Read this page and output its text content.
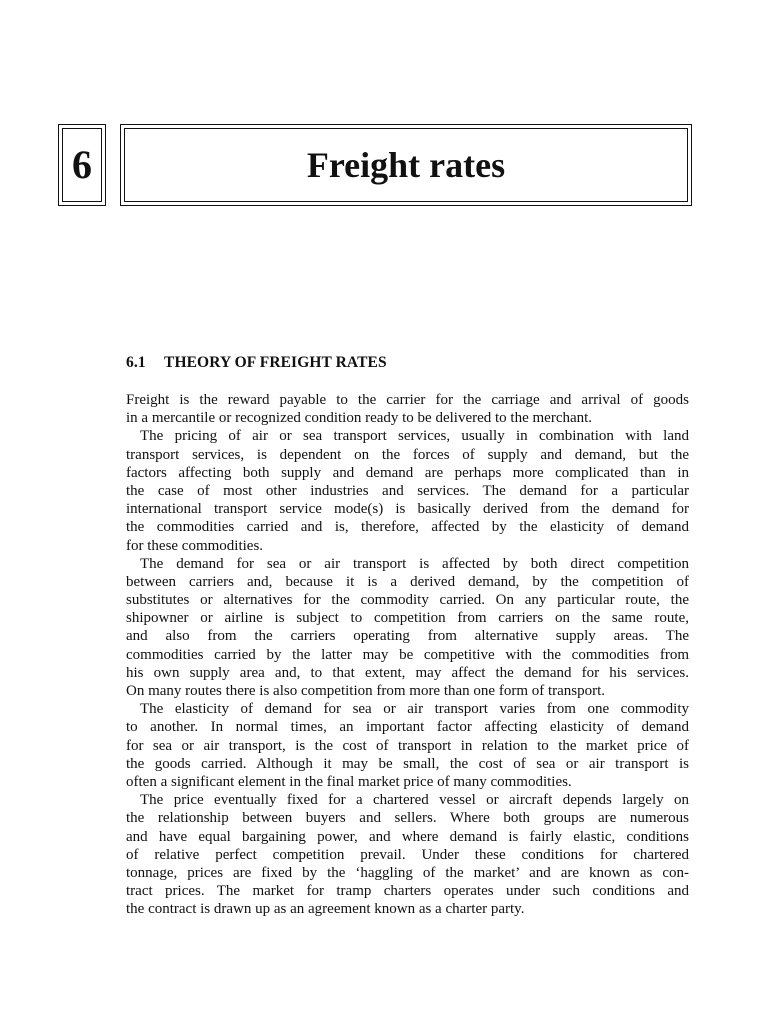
6	Freight rates
6.1 THEORY OF FREIGHT RATES
Freight is the reward payable to the carrier for the carriage and arrival of goods
in a mercantile or recognized condition ready to be delivered to the merchant.
The pricing of air or sea transport services, usually in combination with land
transport services, is dependent on the forces of supply and demand, but the
factors affecting both supply and demand are perhaps more complicated than in
the case of most other industries and services. The demand for a particular
international transport service mode(s) is basically derived from the demand for
the commodities carried and is, therefore, affected by the elasticity of demand
for these commodities.
The demand for sea or air transport is affected by both direct competition
between carriers and, because it is a derived demand, by the competition of
substitutes or alternatives for the commodity carried. On any particular route, the
shipowner or airline is subject to competition from carriers on the same route,
and also from the carriers operating from alternative supply areas. The
commodities carried by the latter may be competitive with the commodities from
his own supply area and, to that extent, may affect the demand for his services.
On many routes there is also competition from more than one form of transport.
The elasticity of demand for sea or air transport varies from one commodity
to another. In normal times, an important factor affecting elasticity of demand
for sea or air transport, is the cost of transport in relation to the market price of
the goods carried. Although it may be small, the cost of sea or air transport is
often a significant element in the final market price of many commodities.
The price eventually fixed for a chartered vessel or aircraft depends largely on
the relationship between buyers and sellers. Where both groups are numerous
and have equal bargaining power, and where demand is fairly elastic, conditions
of relative perfect competition prevail. Under these conditions for chartered
tonnage, prices are fixed by the ‘haggling of the market’ and are known as con-
tract prices. The market for tramp charters operates under such conditions and
the contract is drawn up as an agreement known as a charter party.
